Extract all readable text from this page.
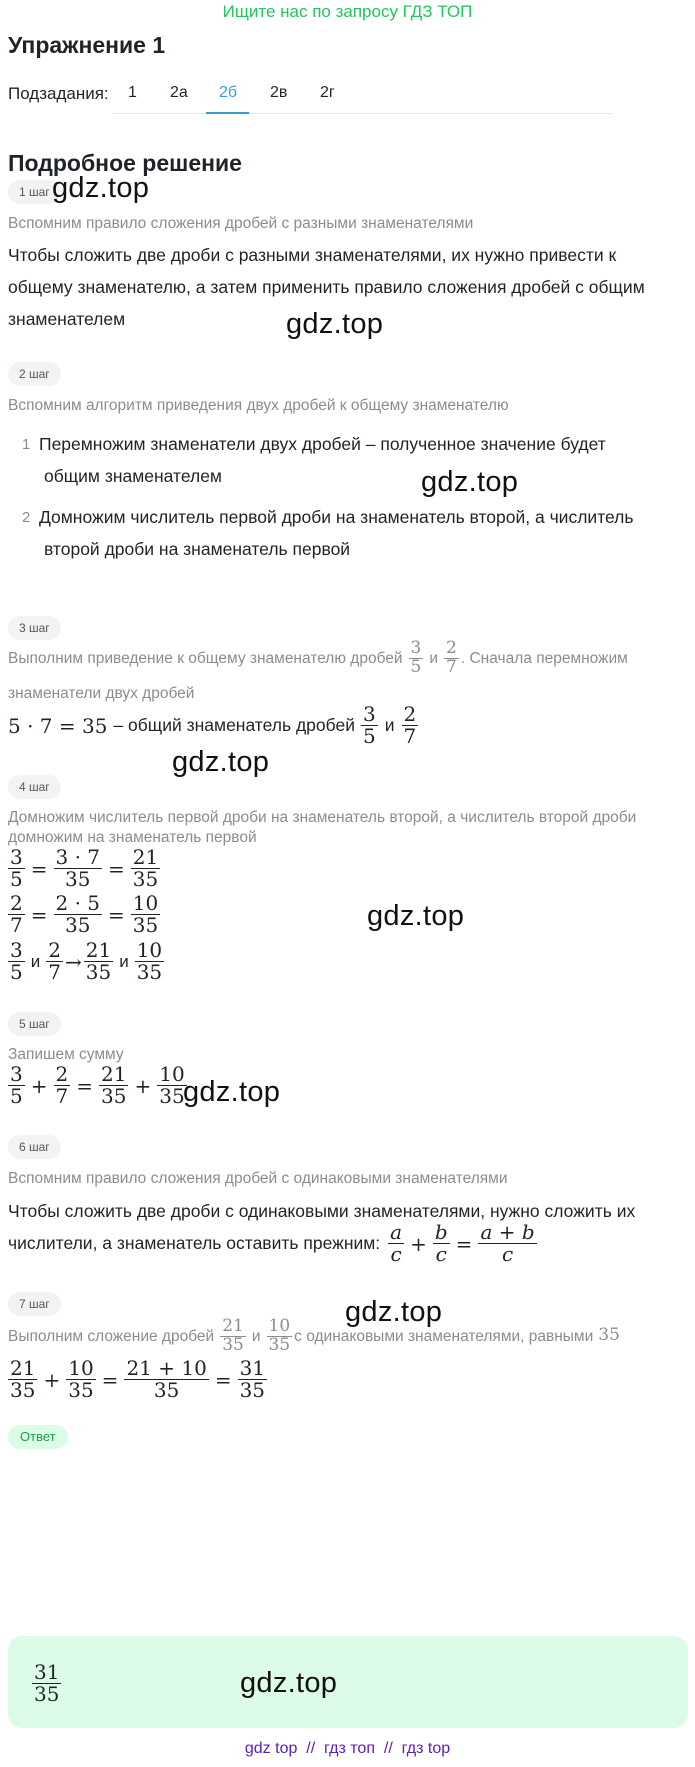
Ищите нас по запросу ГДЗ ТОП
Упражнение 1
Подзадания: 1 2а 2б 2в 2г
Подробное решение
1 шаг gdz.top
Вспомним правило сложения дробей с разными знаменателями
Чтобы сложить две дроби с разными знаменателями, их нужно привести к
общему знаменателю, а затем применить правило сложения дробей с общим
знаменателем	gdz.top
2 шаг
Вспомним алгоритм приведения двух дробей к общему знаменателю
1 Перемножим знаменатели двух дробей – полученное значение будет
общим знаменателем	gdz.top
2 Домножим числитель первой дроби на знаменатель второй, а числитель
второй дроби на знаменатель первой
3 шаг
Выполним приведение к общему знаменателю дробей $\frac{3}{5}$ и $\frac{2}{7}$ . Сначала перемножим
знаменатели двух дробей
5 · 7 = 35 – общий знаменатель дробей $\frac{3}{5}$ и $\frac{2}{7}$
gdz.top
4 шаг
Домножим числитель первой дроби на знаменатель второй, а числитель второй дроби
домножим на знаменатель первой
$\frac{3}{5} = \frac{3 \cdot 7}{35} = \frac{21}{35}$
$\frac{2}{7} = \frac{2 \cdot 5}{35} = \frac{10}{35}$	gdz.top
$\frac{3}{5}$ и $\frac{2}{7} \to \frac{21}{35}$ и $\frac{10}{35}$
5 шаг
Запишем сумму
$\frac{3}{5} + \frac{2}{7} = \frac{21}{35} + \frac{10}{35}$
gdz.top
6 шаг
Вспомним правило сложения дробей с одинаковыми знаменателями
Чтобы сложить две дроби с одинаковыми знаменателями, нужно сложить их
числители, а знаменатель оставить прежним: $\frac{a}{c} + \frac{b}{c} = \frac{a + b}{c}$
7 шаг	gdz.top
Выполним сложение дробей $\frac{21}{35}$ и $\frac{10}{35}$ с одинаковыми знаменателями, равными 35
$\frac{21}{35} + \frac{10}{35} = \frac{21 + 10}{35} = \frac{31}{35}$
Ответ
$\frac{31}{35}$	gdz.top
gdz top  //  гдз топ  //  гдз top
